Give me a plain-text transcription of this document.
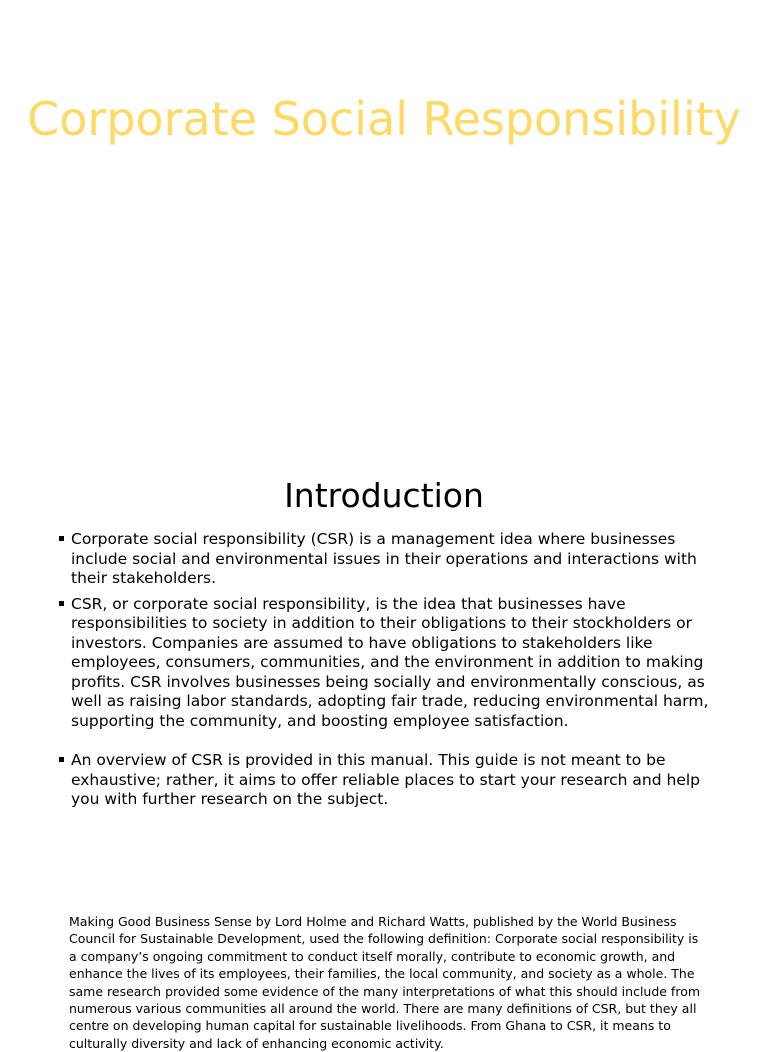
Corporate Social Responsibility
Introduction
Corporate social responsibility (CSR) is a management idea where businesses include social and environmental issues in their operations and interactions with their stakeholders.
CSR, or corporate social responsibility, is the idea that businesses have responsibilities to society in addition to their obligations to their stockholders or investors. Companies are assumed to have obligations to stakeholders like employees, consumers, communities, and the environment in addition to making profits. CSR involves businesses being socially and environmentally conscious, as well as raising labor standards, adopting fair trade, reducing environmental harm, supporting the community, and boosting employee satisfaction.
An overview of CSR is provided in this manual. This guide is not meant to be exhaustive; rather, it aims to offer reliable places to start your research and help you with further research on the subject.

Making Good Business Sense by Lord Holme and Richard Watts, published by the World Business Council for Sustainable Development, used the following definition: Corporate social responsibility is a company’s ongoing commitment to conduct itself morally, contribute to economic growth, and enhance the lives of its employees, their families, the local community, and society as a whole. The same research provided some evidence of the many interpretations of what this should include from numerous various communities all around the world. There are many definitions of CSR, but they all centre on developing human capital for sustainable livelihoods. From Ghana to CSR, it means to culturally diversity and lack of enhancing economic activity.
